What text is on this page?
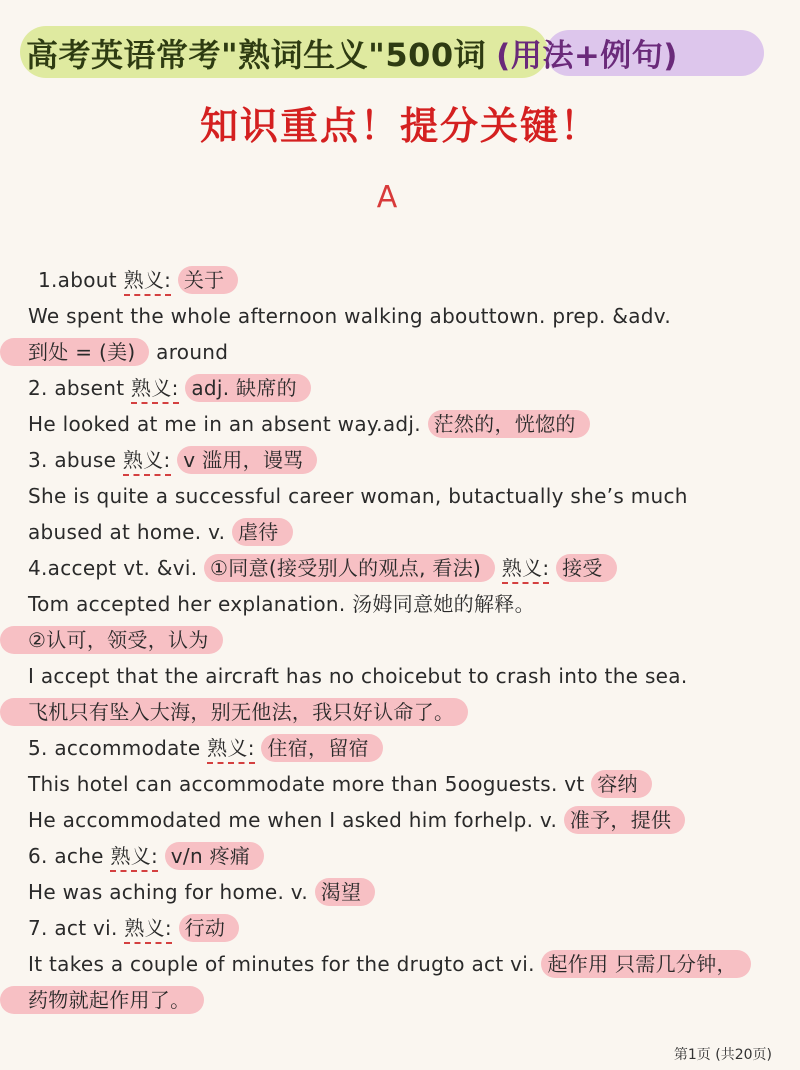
高考英语常考"熟词生义"500词 (用法+例句)
知识重点！提分关键！
A
1.about 熟义: 关于
We spent the whole afternoon walking abouttown. prep. &adv.
到处 = (美) around
2. absent 熟义: adj. 缺席的
He looked at me in an absent way.adj. 茫然的，恍惚的
3. abuse 熟义: v 滥用，谩骂
She is quite a successful career woman, butactually she’s much
abused at home. v. 虐待
4.accept vt. &vi. ①同意(接受别人的观点, 看法) 熟义: 接受
Tom accepted her explanation. 汤姆同意她的解释。
②认可，领受，认为
I accept that the aircraft has no choicebut to crash into the sea.
飞机只有坠入大海，别无他法，我只好认命了。
5. accommodate 熟义: 住宿，留宿
This hotel can accommodate more than 5ooguests. vt 容纳
He accommodated me when I asked him forhelp. v. 准予，提供
6. ache 熟义: v/n 疼痛
He was aching for home. v. 渴望
7. act vi. 熟义: 行动
It takes a couple of minutes for the drugto act vi. 起作用 只需几分钟，
药物就起作用了。
第1页 (共20页)
